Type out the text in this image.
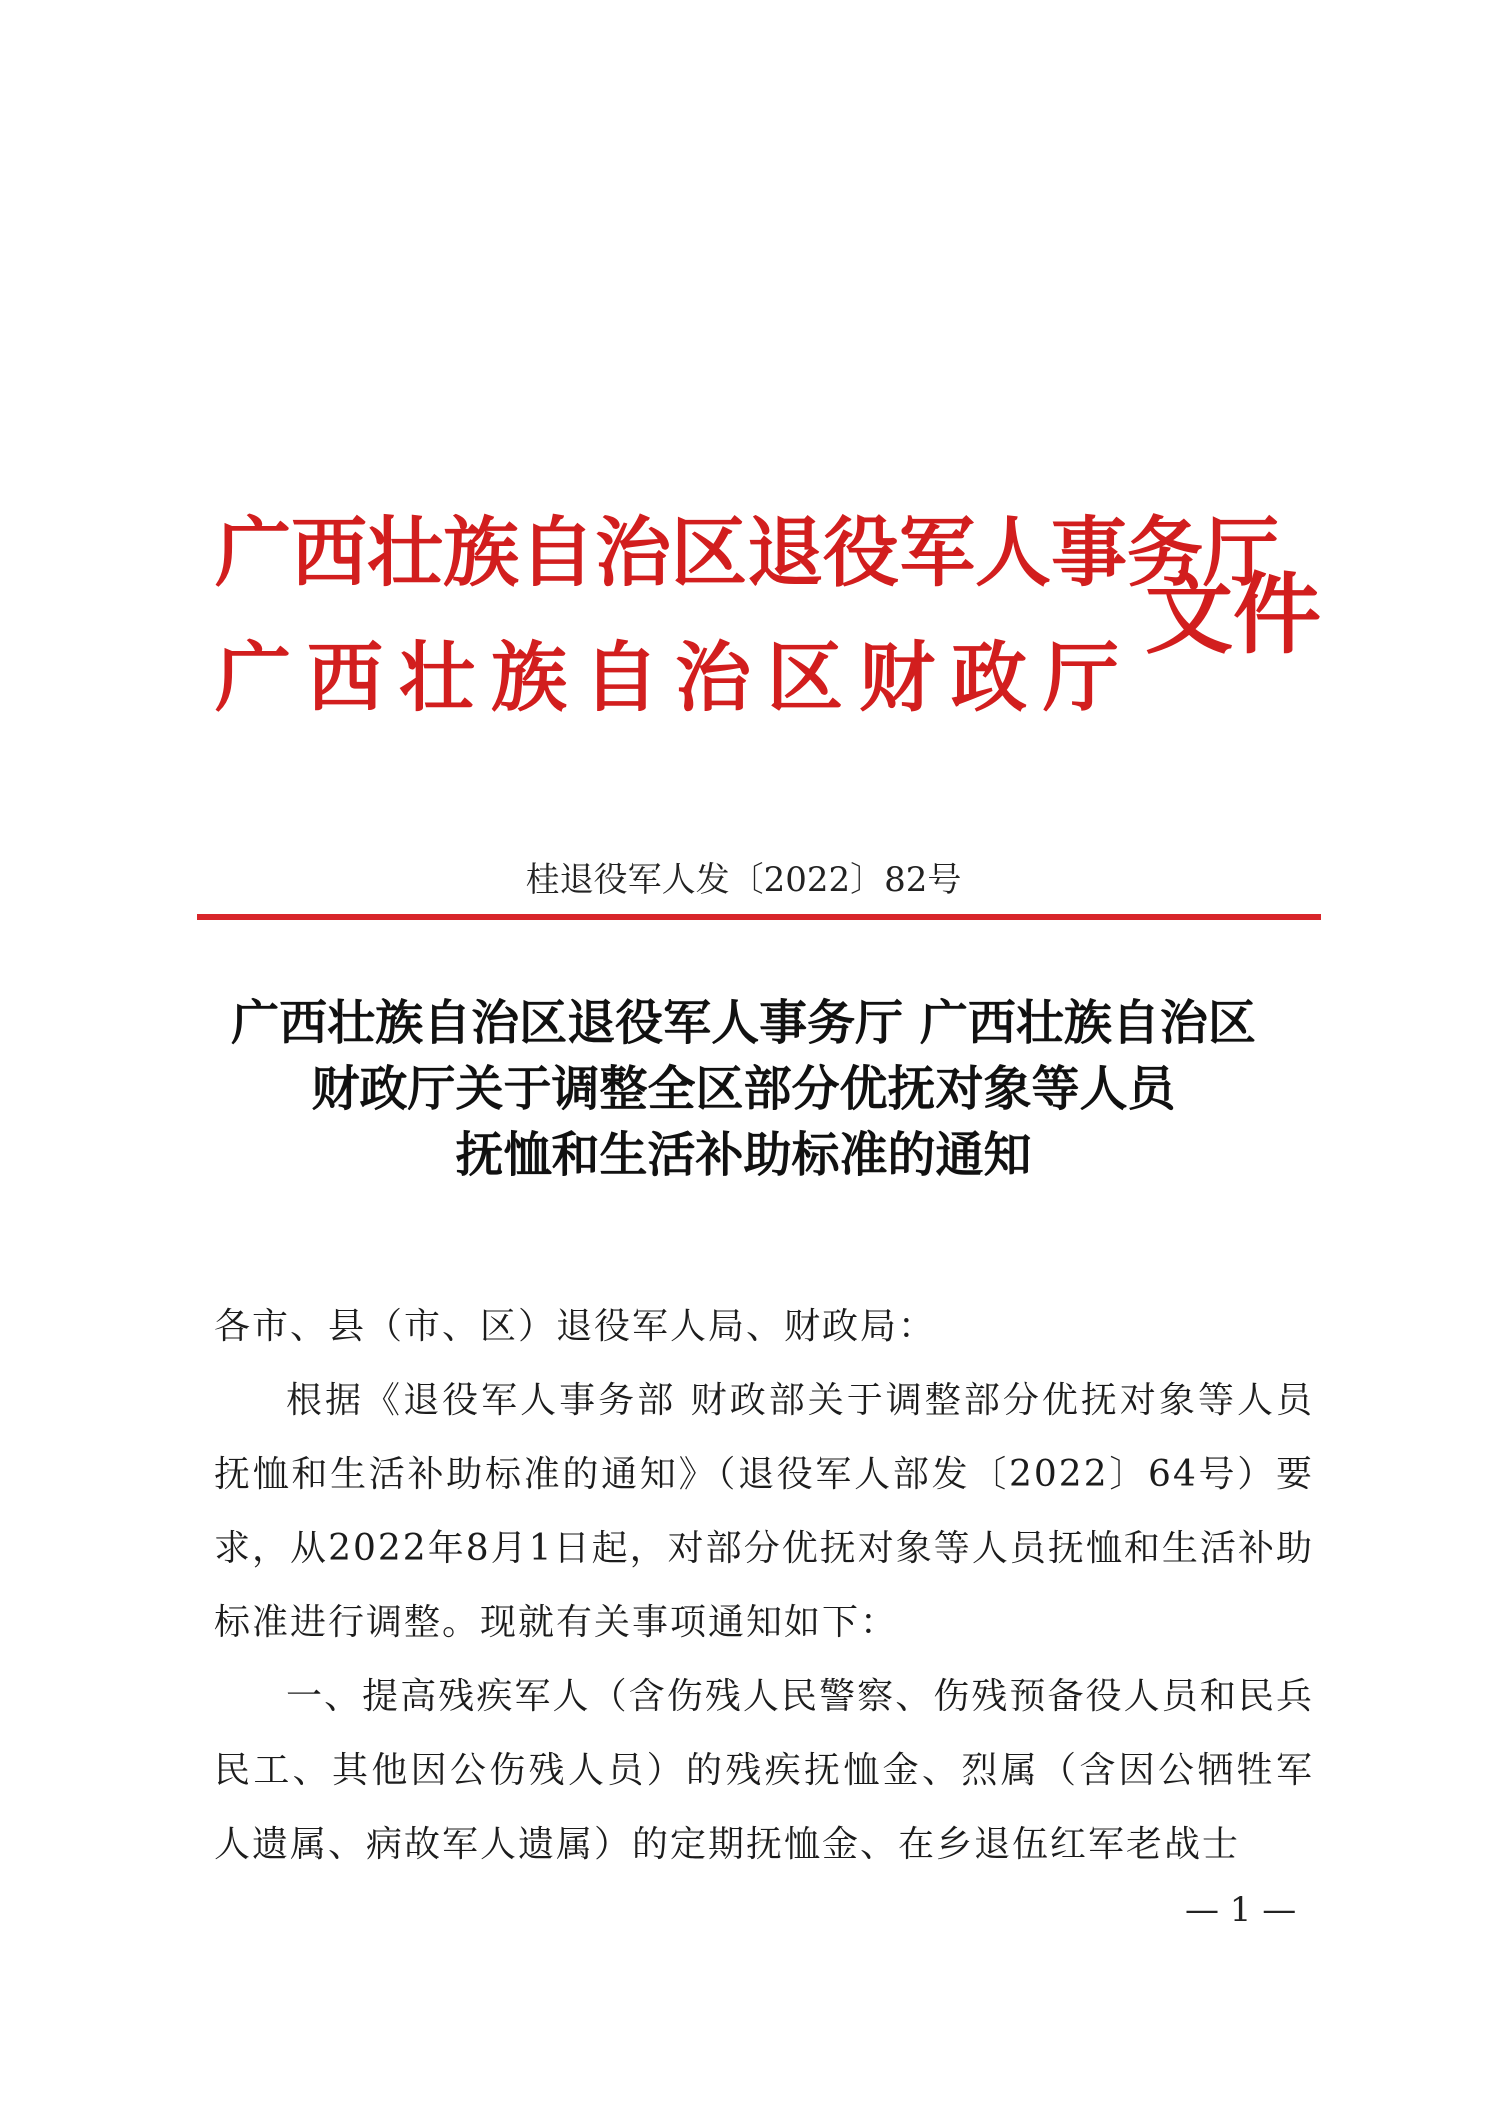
广西壮族自治区退役军人事务厅
广西壮族自治区财政厅
文件
桂退役军人发〔2022〕82号
广西壮族自治区退役军人事务厅 广西壮族自治区
财政厅关于调整全区部分优抚对象等人员
抚恤和生活补助标准的通知

各市、县（市、区）退役军人局、财政局：

根据《退役军人事务部 财政部关于调整部分优抚对象等人员抚恤和生活补助标准的通知》（退役军人部发〔2022〕64号）要求，从2022年8月1日起，对部分优抚对象等人员抚恤和生活补助标准进行调整。现就有关事项通知如下：

一、提高残疾军人（含伤残人民警察、伤残预备役人员和民兵民工、其他因公伤残人员）的残疾抚恤金、烈属（含因公牺牲军人遗属、病故军人遗属）的定期抚恤金、在乡退伍红军老战士

— 1 —
